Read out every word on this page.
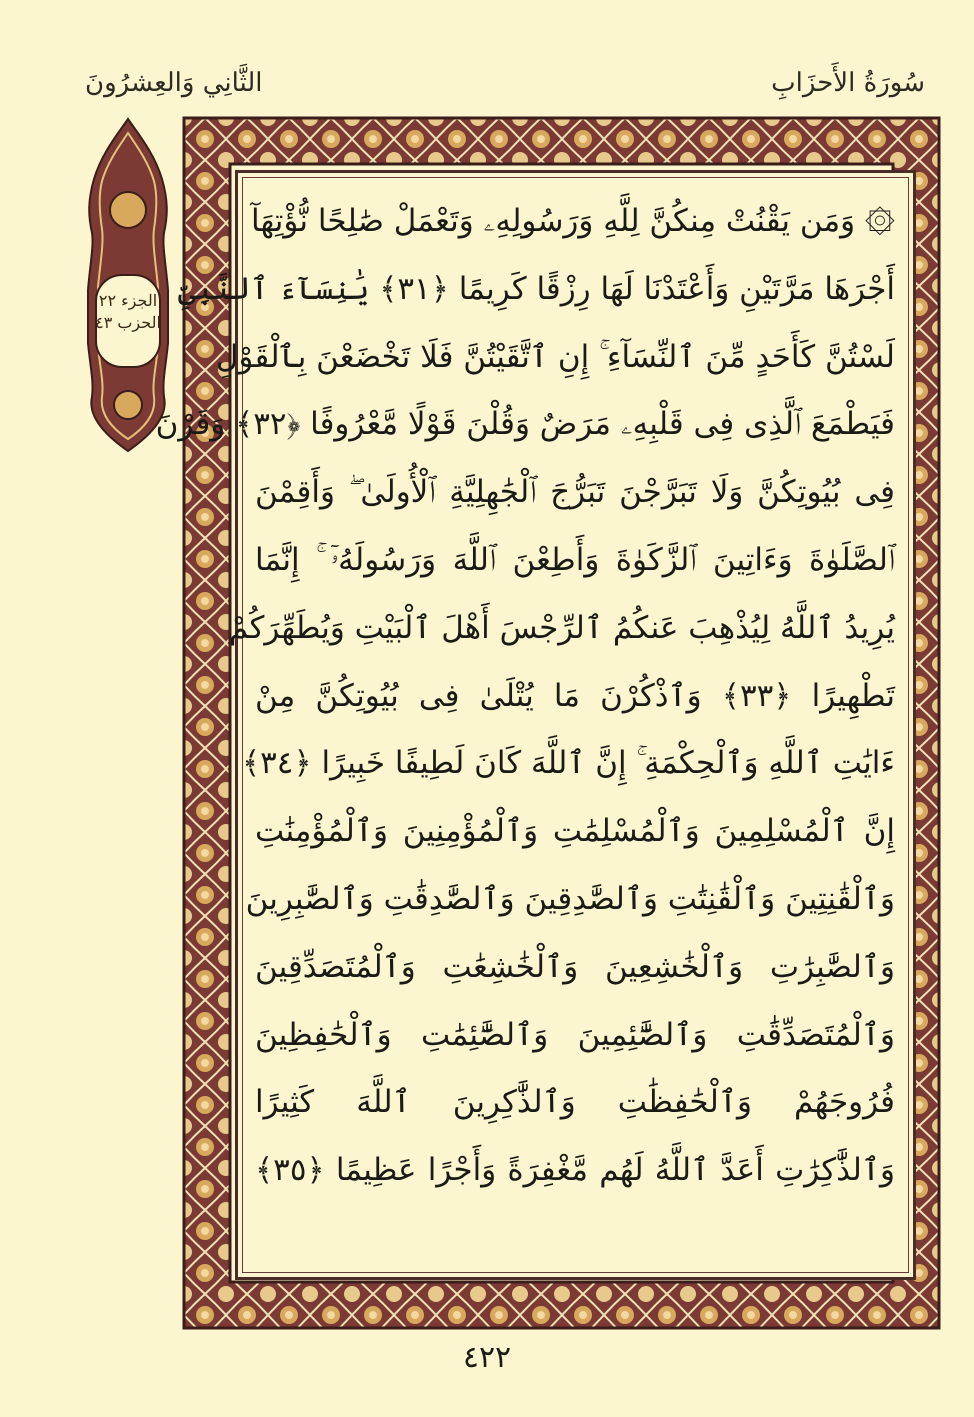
سُورَةُ الأَحزَابِ
الثَّانِي وَالعِشرُونَ
الجزء ٢٢
الحزب ٤٣
۞ وَمَن يَقْنُتْ مِنكُنَّ لِلَّهِ وَرَسُولِهِۦ وَتَعْمَلْ صَٰلِحًا نُّؤْتِهَآ
أَجْرَهَا مَرَّتَيْنِ وَأَعْتَدْنَا لَهَا رِزْقًا كَرِيمًا ﴿٣١﴾ يَٰنِسَآءَ ٱلنَّبِىِّ
لَسْتُنَّ كَأَحَدٍ مِّنَ ٱلنِّسَآءِ ۚ إِنِ ٱتَّقَيْتُنَّ فَلَا تَخْضَعْنَ بِٱلْقَوْلِ
فَيَطْمَعَ ٱلَّذِى فِى قَلْبِهِۦ مَرَضٌ وَقُلْنَ قَوْلًا مَّعْرُوفًا ﴿٣٢﴾ وَقَرْنَ
فِى بُيُوتِكُنَّ وَلَا تَبَرَّجْنَ تَبَرُّجَ ٱلْجَٰهِلِيَّةِ ٱلْأُولَىٰ ۖ وَأَقِمْنَ
ٱلصَّلَوٰةَ وَءَاتِينَ ٱلزَّكَوٰةَ وَأَطِعْنَ ٱللَّهَ وَرَسُولَهُۥٓ ۚ إِنَّمَا
يُرِيدُ ٱللَّهُ لِيُذْهِبَ عَنكُمُ ٱلرِّجْسَ أَهْلَ ٱلْبَيْتِ وَيُطَهِّرَكُمْ
تَطْهِيرًا ﴿٣٣﴾ وَٱذْكُرْنَ مَا يُتْلَىٰ فِى بُيُوتِكُنَّ مِنْ
ءَايَٰتِ ٱللَّهِ وَٱلْحِكْمَةِ ۚ إِنَّ ٱللَّهَ كَانَ لَطِيفًا خَبِيرًا ﴿٣٤﴾
إِنَّ ٱلْمُسْلِمِينَ وَٱلْمُسْلِمَٰتِ وَٱلْمُؤْمِنِينَ وَٱلْمُؤْمِنَٰتِ
وَٱلْقَٰنِتِينَ وَٱلْقَٰنِتَٰتِ وَٱلصَّٰدِقِينَ وَٱلصَّٰدِقَٰتِ وَٱلصَّٰبِرِينَ
وَٱلصَّٰبِرَٰتِ وَٱلْخَٰشِعِينَ وَٱلْخَٰشِعَٰتِ وَٱلْمُتَصَدِّقِينَ
وَٱلْمُتَصَدِّقَٰتِ وَٱلصَّٰٓئِمِينَ وَٱلصَّٰٓئِمَٰتِ وَٱلْحَٰفِظِينَ
فُرُوجَهُمْ وَٱلْحَٰفِظَٰتِ وَٱلذَّٰكِرِينَ ٱللَّهَ كَثِيرًا
وَٱلذَّٰكِرَٰتِ أَعَدَّ ٱللَّهُ لَهُم مَّغْفِرَةً وَأَجْرًا عَظِيمًا ﴿٣٥﴾
٤٢٢
